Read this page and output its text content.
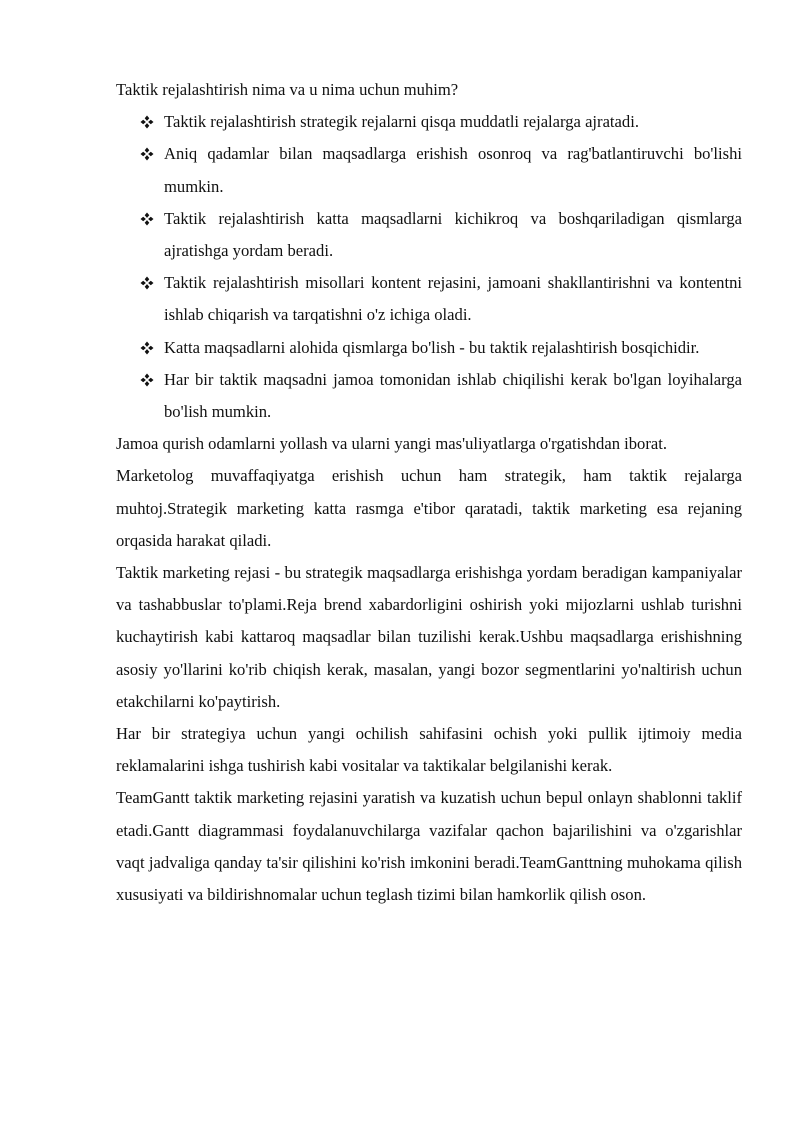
Taktik rejalashtirish nima va u nima uchun muhim?

Taktik rejalashtirish strategik rejalarni qisqa muddatli rejalarga ajratadi.
Aniq qadamlar bilan maqsadlarga erishish osonroq va rag'batlantiruvchi bo'lishi mumkin.
Taktik rejalashtirish katta maqsadlarni kichikroq va boshqariladigan qismlarga ajratishga yordam beradi.
Taktik rejalashtirish misollari kontent rejasini, jamoani shakllantirishni va kontentni ishlab chiqarish va tarqatishni o'z ichiga oladi.
Katta maqsadlarni alohida qismlarga bo'lish - bu taktik rejalashtirish bosqichidir.
Har bir taktik maqsadni jamoa tomonidan ishlab chiqilishi kerak bo'lgan loyihalarga bo'lish mumkin.

Jamoa qurish odamlarni yollash va ularni yangi mas'uliyatlarga o'rgatishdan iborat.

Marketolog muvaffaqiyatga erishish uchun ham strategik, ham taktik rejalarga muhtoj.Strategik marketing katta rasmga e'tibor qaratadi, taktik marketing esa rejaning orqasida harakat qiladi.

Taktik marketing rejasi - bu strategik maqsadlarga erishishga yordam beradigan kampaniyalar va tashabbuslar to'plami.Reja brend xabardorligini oshirish yoki mijozlarni ushlab turishni kuchaytirish kabi kattaroq maqsadlar bilan tuzilishi kerak.Ushbu maqsadlarga erishishning asosiy yo'llarini ko'rib chiqish kerak, masalan, yangi bozor segmentlarini yo'naltirish uchun etakchilarni ko'paytirish.

Har bir strategiya uchun yangi ochilish sahifasini ochish yoki pullik ijtimoiy media reklamalarini ishga tushirish kabi vositalar va taktikalar belgilanishi kerak.

TeamGantt taktik marketing rejasini yaratish va kuzatish uchun bepul onlayn shablonni taklif etadi.Gantt diagrammasi foydalanuvchilarga vazifalar qachon bajarilishini va o'zgarishlar vaqt jadvaliga qanday ta'sir qilishini ko'rish imkonini beradi.TeamGanttning muhokama qilish xususiyati va bildirishnomalar uchun teglash tizimi bilan hamkorlik qilish oson.
